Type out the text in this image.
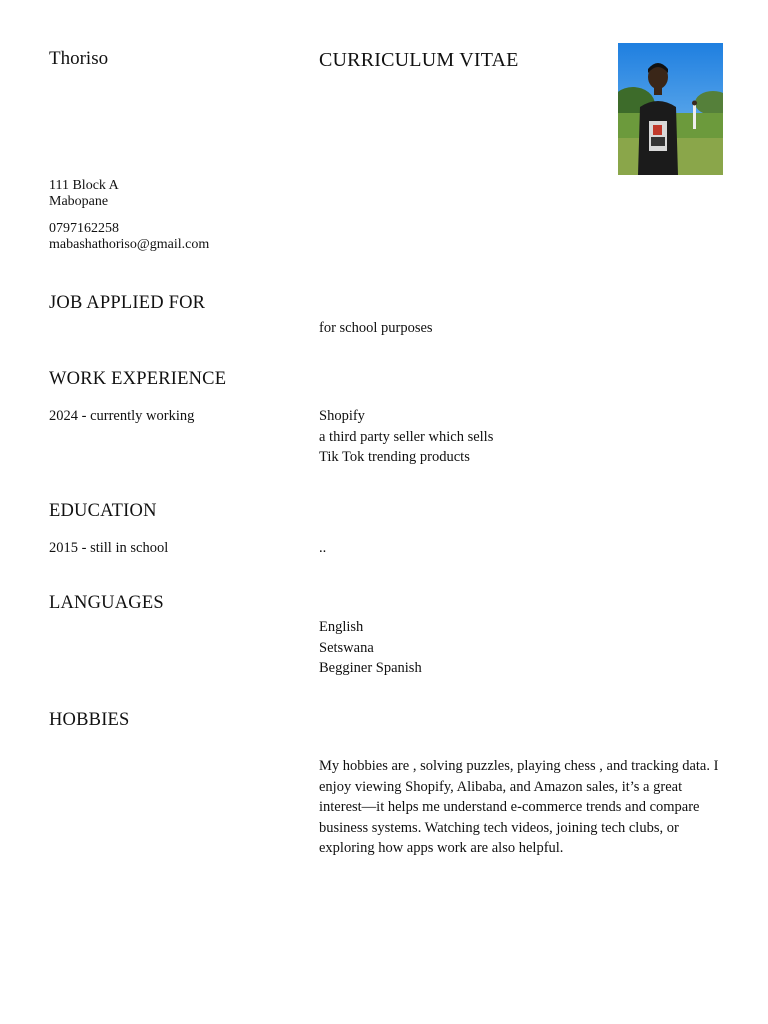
Thoriso	CURRICULUM VITAE
111 Block A
Mabopane
0797162258
mabashathoriso@gmail.com
JOB APPLIED FOR
for school purposes
WORK EXPERIENCE
2024 - currently working	Shopify
a third party seller which sells
Tik Tok trending products
EDUCATION
2015 - still in school	..
LANGUAGES
English
Setswana
Begginer Spanish
HOBBIES
My hobbies are , solving puzzles, playing chess , and tracking data. I enjoy viewing Shopify, Alibaba, and Amazon sales, it’s a great interest—it helps me understand e-commerce trends and compare business systems. Watching tech videos, joining tech clubs, or exploring how apps work are also helpful.
